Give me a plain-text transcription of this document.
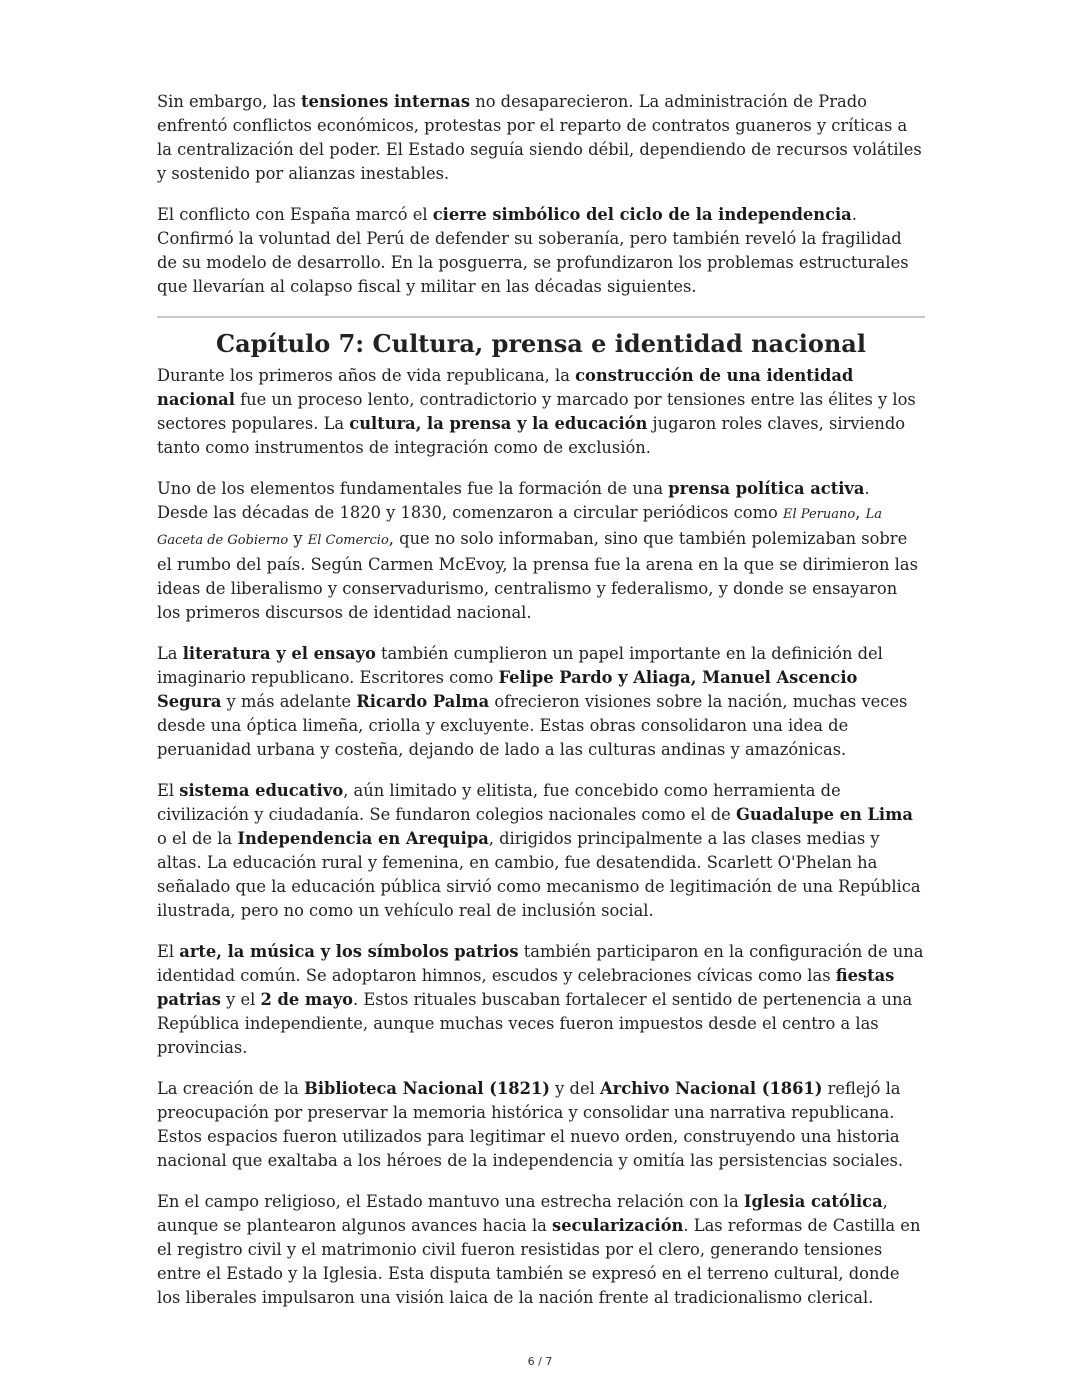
Sin embargo, las tensiones internas no desaparecieron. La administración de Prado enfrentó conflictos económicos, protestas por el reparto de contratos guaneros y críticas a la centralización del poder. El Estado seguía siendo débil, dependiendo de recursos volátiles y sostenido por alianzas inestables.

El conflicto con España marcó el cierre simbólico del ciclo de la independencia. Confirmó la voluntad del Perú de defender su soberanía, pero también reveló la fragilidad de su modelo de desarrollo. En la posguerra, se profundizaron los problemas estructurales que llevarían al colapso fiscal y militar en las décadas siguientes.

Capítulo 7: Cultura, prensa e identidad nacional

Durante los primeros años de vida republicana, la construcción de una identidad nacional fue un proceso lento, contradictorio y marcado por tensiones entre las élites y los sectores populares. La cultura, la prensa y la educación jugaron roles claves, sirviendo tanto como instrumentos de integración como de exclusión.

Uno de los elementos fundamentales fue la formación de una prensa política activa. Desde las décadas de 1820 y 1830, comenzaron a circular periódicos como El Peruano, La Gaceta de Gobierno y El Comercio, que no solo informaban, sino que también polemizaban sobre el rumbo del país. Según Carmen McEvoy, la prensa fue la arena en la que se dirimieron las ideas de liberalismo y conservadurismo, centralismo y federalismo, y donde se ensayaron los primeros discursos de identidad nacional.

La literatura y el ensayo también cumplieron un papel importante en la definición del imaginario republicano. Escritores como Felipe Pardo y Aliaga, Manuel Ascencio Segura y más adelante Ricardo Palma ofrecieron visiones sobre la nación, muchas veces desde una óptica limeña, criolla y excluyente. Estas obras consolidaron una idea de peruanidad urbana y costeña, dejando de lado a las culturas andinas y amazónicas.

El sistema educativo, aún limitado y elitista, fue concebido como herramienta de civilización y ciudadanía. Se fundaron colegios nacionales como el de Guadalupe en Lima o el de la Independencia en Arequipa, dirigidos principalmente a las clases medias y altas. La educación rural y femenina, en cambio, fue desatendida. Scarlett O'Phelan ha señalado que la educación pública sirvió como mecanismo de legitimación de una República ilustrada, pero no como un vehículo real de inclusión social.

El arte, la música y los símbolos patrios también participaron en la configuración de una identidad común. Se adoptaron himnos, escudos y celebraciones cívicas como las fiestas patrias y el 2 de mayo. Estos rituales buscaban fortalecer el sentido de pertenencia a una República independiente, aunque muchas veces fueron impuestos desde el centro a las provincias.

La creación de la Biblioteca Nacional (1821) y del Archivo Nacional (1861) reflejó la preocupación por preservar la memoria histórica y consolidar una narrativa republicana. Estos espacios fueron utilizados para legitimar el nuevo orden, construyendo una historia nacional que exaltaba a los héroes de la independencia y omitía las persistencias sociales.

En el campo religioso, el Estado mantuvo una estrecha relación con la Iglesia católica, aunque se plantearon algunos avances hacia la secularización. Las reformas de Castilla en el registro civil y el matrimonio civil fueron resistidas por el clero, generando tensiones entre el Estado y la Iglesia. Esta disputa también se expresó en el terreno cultural, donde los liberales impulsaron una visión laica de la nación frente al tradicionalismo clerical.

6 / 7
